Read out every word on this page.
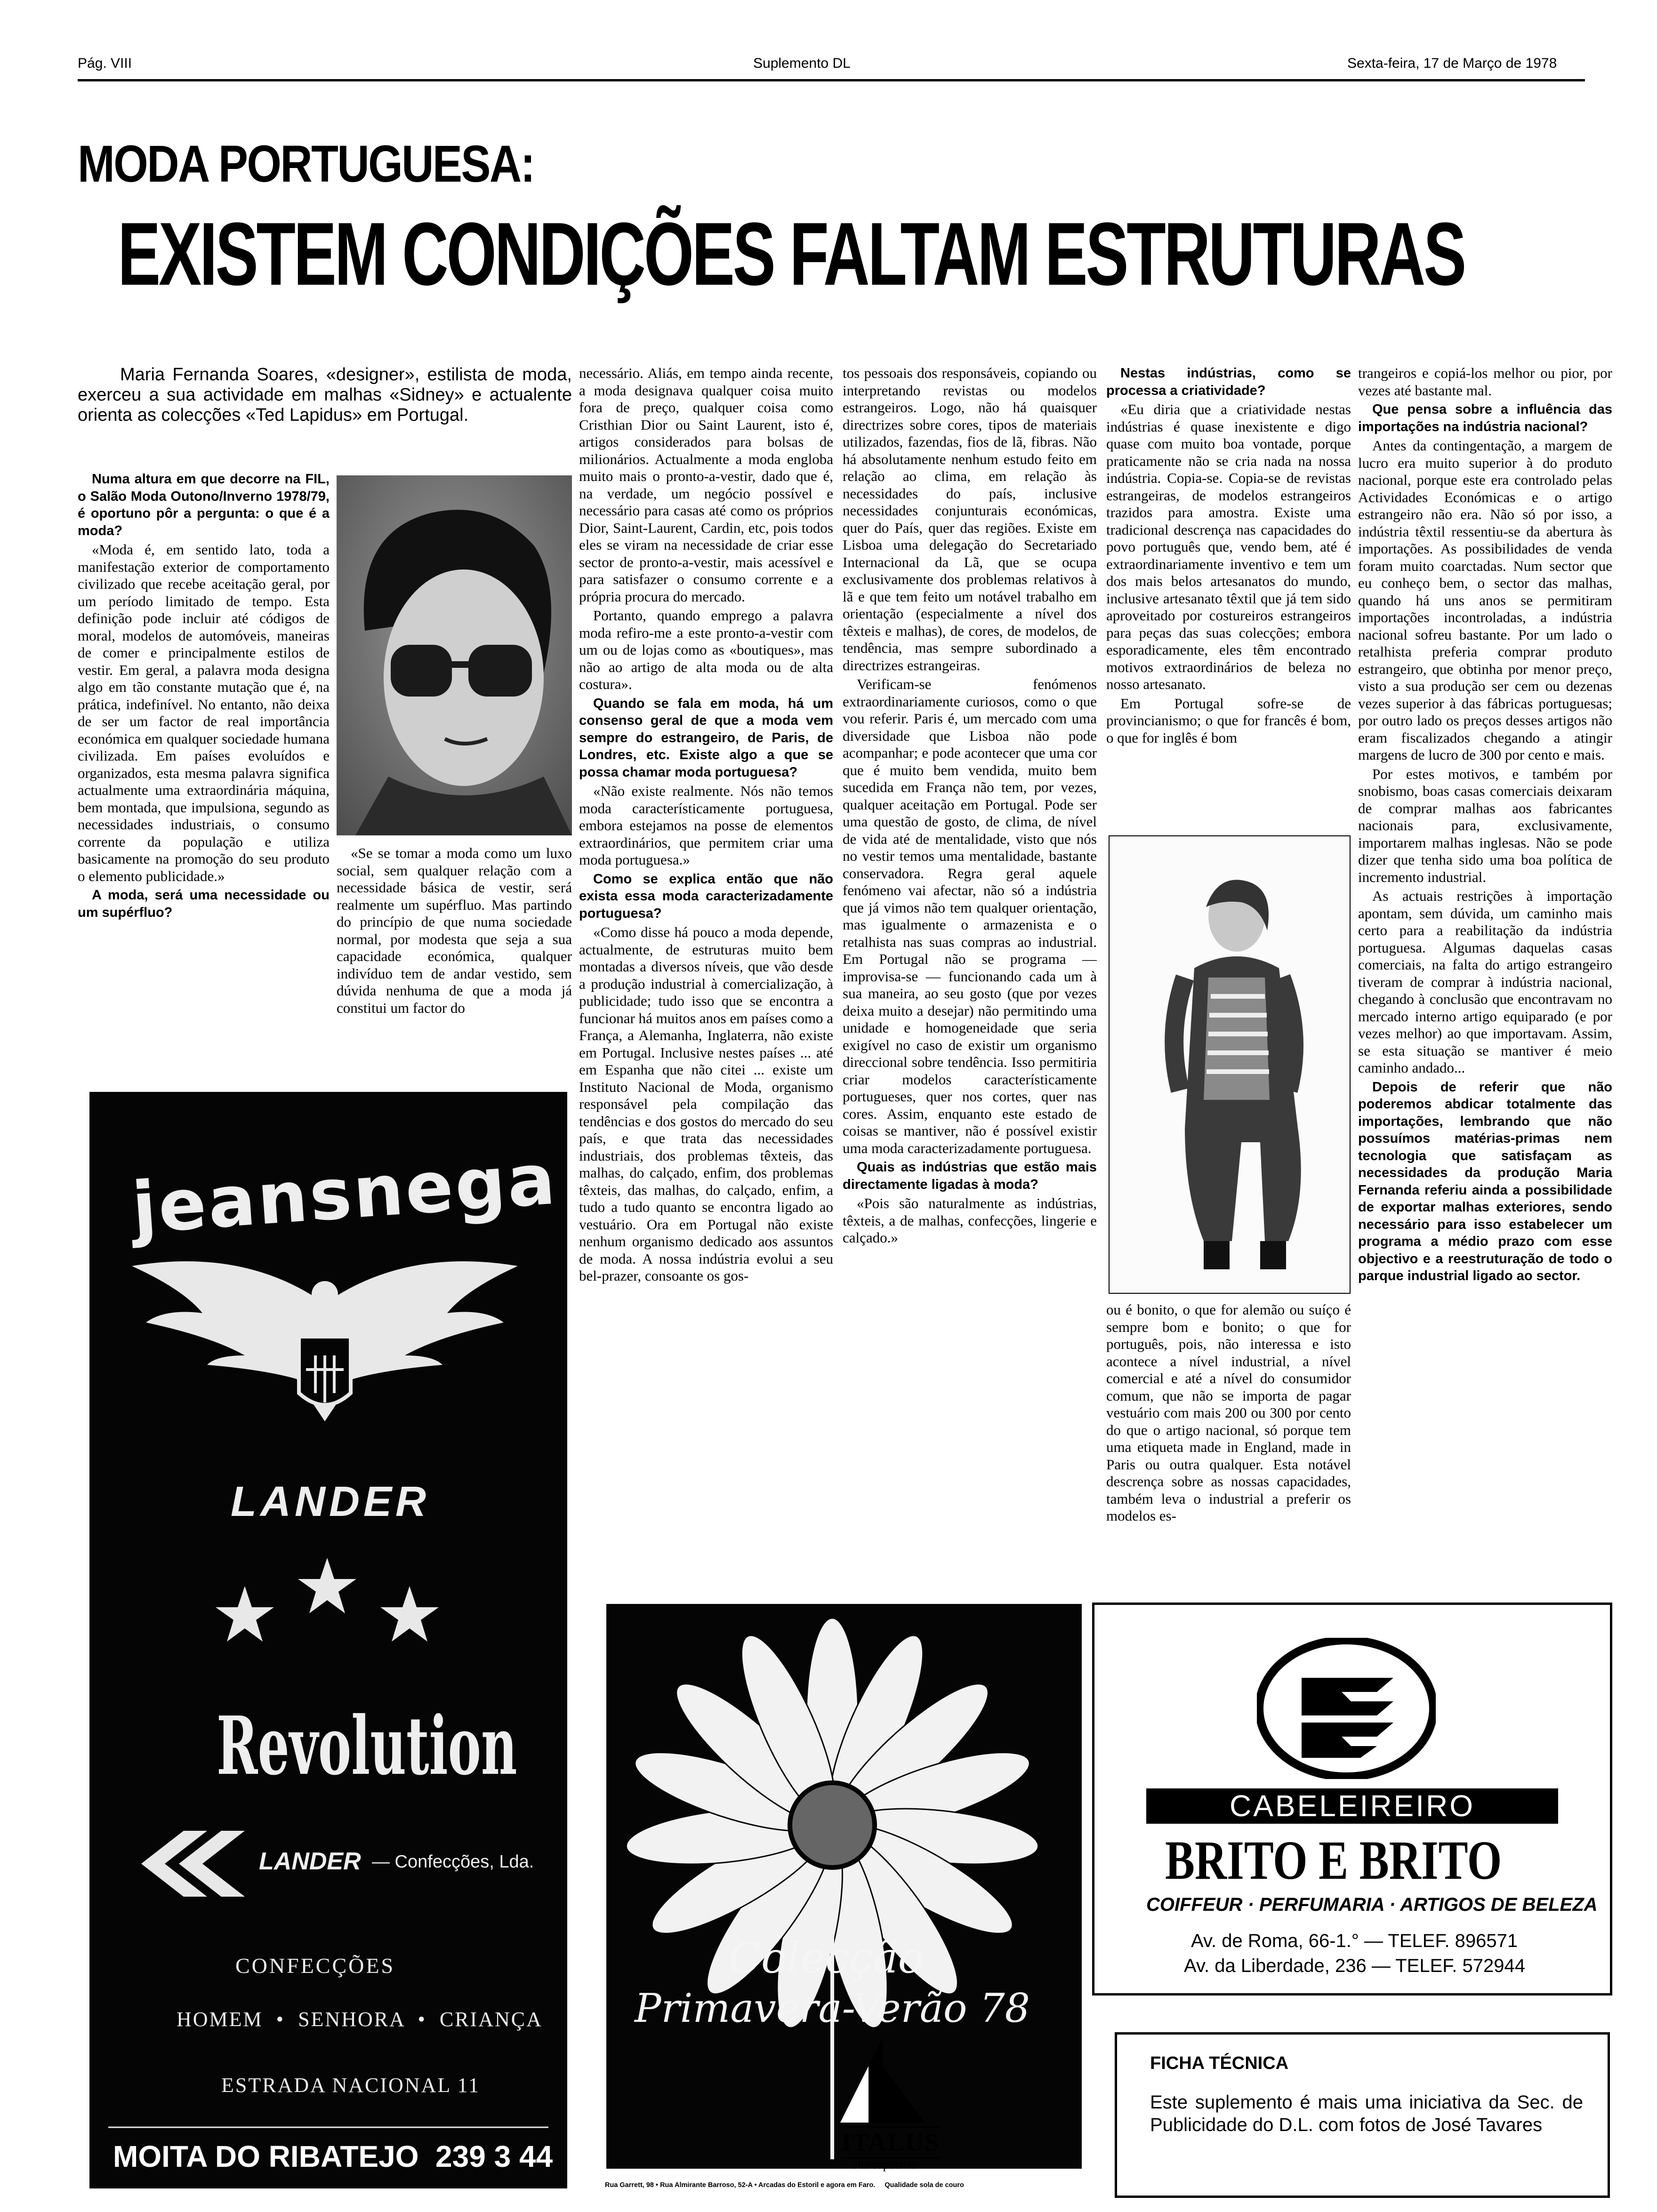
Pág. VIII	Suplemento DL	Sexta-feira, 17 de Março de 1978
MODA PORTUGUESA:
EXISTEM CONDIÇÕES FALTAM ESTRUTURAS
Maria Fernanda Soares, «designer», estilista de moda, exerceu a sua actividade em malhas «Sidney» e actualente orienta as colecções «Ted Lapidus» em Portugal.

Numa altura em que decorre na FIL, o Salão Moda Outono/Inverno 1978/79, é oportuno pôr a pergunta: o que é a moda?

«Moda é, em sentido lato, toda a manifestação exterior de comportamento civilizado que recebe aceitação geral, por um período limitado de tempo. Esta definição pode incluir até códigos de moral, modelos de automóveis, maneiras de comer e principalmente estilos de vestir. Em geral, a palavra moda designa algo em tão constante mutação que é, na prática, indefinível. No entanto, não deixa de ser um factor de real importância económica em qualquer sociedade humana civilizada. Em países evoluídos e organizados, esta mesma palavra significa actualmente uma extraordinária máquina, bem montada, que impulsiona, segundo as necessidades industriais, o consumo corrente da população e utiliza basicamente na promoção do seu produto o elemento publicidade.»

A moda, será uma necessidade ou um supérfluo?

«Se se tomar a moda como um luxo social, sem qualquer relação com a necessidade básica de vestir, será realmente um supérfluo. Mas partindo do princípio de que numa sociedade normal, por modesta que seja a sua capacidade económica, qualquer indivíduo tem de andar vestido, sem dúvida nenhuma de que a moda já constitui um factor do

necessário. Aliás, em tempo ainda recente, a moda designava qualquer coisa muito fora de preço, qualquer coisa como Cristhian Dior ou Saint Laurent, isto é, artigos considerados para bolsas de milionários. Actualmente a moda engloba muito mais o pronto-a-vestir, dado que é, na verdade, um negócio possível e necessário para casas até como os próprios Dior, Saint-Laurent, Cardin, etc, pois todos eles se viram na necessidade de criar esse sector de pronto-a-vestir, mais acessível e para satisfazer o consumo corrente e a própria procura do mercado.

Portanto, quando emprego a palavra moda refiro-me a este pronto-a-vestir com um ou de lojas como as «boutiques», mas não ao artigo de alta moda ou de alta costura».

Quando se fala em moda, há um consenso geral de que a moda vem sempre do estrangeiro, de Paris, de Londres, etc. Existe algo a que se possa chamar moda portuguesa?

«Não existe realmente. Nós não temos moda característicamente portuguesa, embora estejamos na posse de elementos extraordinários, que permitem criar uma moda portuguesa.»

Como se explica então que não exista essa moda caracterizadamente portuguesa?

«Como disse há pouco a moda depende, actualmente, de estruturas muito bem montadas a diversos níveis, que vão desde a produção industrial à comercialização, à publicidade; tudo isso que se encontra a funcionar há muitos anos em países como a França, a Alemanha, Inglaterra, não existe em Portugal. Inclusive nestes países ... até em Espanha que não citei ... existe um Instituto Nacional de Moda, organismo responsável pela compilação das tendências e dos gostos do mercado do seu país, e que trata das necessidades industriais, dos problemas têxteis, das malhas, do calçado, enfim, dos problemas têxteis, das malhas, do calçado, enfim, a tudo a tudo quanto se encontra ligado ao vestuário. Ora em Portugal não existe nenhum organismo dedicado aos assuntos de moda. A nossa indústria evolui a seu bel-prazer, consoante os gos-

tos pessoais dos responsáveis, copiando ou interpretando revistas ou modelos estrangeiros. Logo, não há quaisquer directrizes sobre cores, tipos de materiais utilizados, fazendas, fios de lã, fibras. Não há absolutamente nenhum estudo feito em relação ao clima, em relação às necessidades do país, inclusive necessidades conjunturais económicas, quer do País, quer das regiões. Existe em Lisboa uma delegação do Secretariado Internacional da Lã, que se ocupa exclusivamente dos problemas relativos à lã e que tem feito um notável trabalho em orientação (especialmente a nível dos têxteis e malhas), de cores, de modelos, de tendência, mas sempre subordinado a directrizes estrangeiras.

Verificam-se fenómenos extraordinariamente curiosos, como o que vou referir. Paris é, um mercado com uma diversidade que Lisboa não pode acompanhar; e pode acontecer que uma cor que é muito bem vendida, muito bem sucedida em França não tem, por vezes, qualquer aceitação em Portugal. Pode ser uma questão de gosto, de clima, de nível de vida até de mentalidade, visto que nós no vestir temos uma mentalidade, bastante conservadora. Regra geral aquele fenómeno vai afectar, não só a indústria que já vimos não tem qualquer orientação, mas igualmente o armazenista e o retalhista nas suas compras ao industrial. Em Portugal não se programa — improvisa-se — funcionando cada um à sua maneira, ao seu gosto (que por vezes deixa muito a desejar) não permitindo uma unidade e homogeneidade que seria exigível no caso de existir um organismo direccional sobre tendência. Isso permitiria criar modelos característicamente portugueses, quer nos cortes, quer nas cores. Assim, enquanto este estado de coisas se mantiver, não é possível existir uma moda caracterizadamente portuguesa.

Quais as indústrias que estão mais directamente ligadas à moda?

«Pois são naturalmente as indústrias, têxteis, a de malhas, confecções, lingerie e calçado.»

Nestas indústrias, como se processa a criatividade?

«Eu diria que a criatividade nestas indústrias é quase inexistente e digo quase com muito boa vontade, porque praticamente não se cria nada na nossa indústria. Copia-se. Copia-se de revistas estrangeiras, de modelos estrangeiros trazidos para amostra. Existe uma tradicional descrença nas capacidades do povo português que, vendo bem, até é extraordinariamente inventivo e tem um dos mais belos artesanatos do mundo, inclusive artesanato têxtil que já tem sido aproveitado por costureiros estrangeiros para peças das suas colecções; embora esporadicamente, eles têm encontrado motivos extraordinários de beleza no nosso artesanato.

Em Portugal sofre-se de provincianismo; o que for francês é bom, o que for inglês é bom

ou é bonito, o que for alemão ou suíço é sempre bom e bonito; o que for português, pois, não interessa e isto acontece a nível industrial, a nível comercial e até a nível do consumidor comum, que não se importa de pagar vestuário com mais 200 ou 300 por cento do que o artigo nacional, só porque tem uma etiqueta made in England, made in Paris ou outra qualquer. Esta notável descrença sobre as nossas capacidades, também leva o industrial a preferir os modelos es-

trangeiros e copiá-los melhor ou pior, por vezes até bastante mal.

Que pensa sobre a influência das importações na indústria nacional?

Antes da contingentação, a margem de lucro era muito superior à do produto nacional, porque este era controlado pelas Actividades Económicas e o artigo estrangeiro não era. Não só por isso, a indústria têxtil ressentiu-se da abertura às importações. As possibilidades de venda foram muito coarctadas. Num sector que eu conheço bem, o sector das malhas, quando há uns anos se permitiram importações incontroladas, a indústria nacional sofreu bastante. Por um lado o retalhista preferia comprar produto estrangeiro, que obtinha por menor preço, visto a sua produção ser cem ou dezenas vezes superior à das fábricas portuguesas; por outro lado os preços desses artigos não eram fiscalizados chegando a atingir margens de lucro de 300 por cento e mais.

Por estes motivos, e também por snobismo, boas casas comerciais deixaram de comprar malhas aos fabricantes nacionais para, exclusivamente, importarem malhas inglesas. Não se pode dizer que tenha sido uma boa política de incremento industrial.

As actuais restrições à importação apontam, sem dúvida, um caminho mais certo para a reabilitação da indústria portuguesa. Algumas daquelas casas comerciais, na falta do artigo estrangeiro tiveram de comprar à indústria nacional, chegando à conclusão que encontravam no mercado interno artigo equiparado (e por vezes melhor) ao que importavam. Assim, se esta situação se mantiver é meio caminho andado...

Depois de referir que não poderemos abdicar totalmente das importações, lembrando que não possuímos matérias-primas nem tecnologia que satisfaçam as necessidades da produção Maria Fernanda referiu ainda a possibilidade de exportar malhas exteriores, sendo necessário para isso estabelecer um programa a médio prazo com esse objectivo e a reestruturação de todo o parque industrial ligado ao sector.

jeansnega
LANDER
Revolution
LANDER — Confecções, Lda.
CONFECÇÕES
HOMEM  •  SENHORA  •  CRIANÇA
ESTRADA NACIONAL 11
MOITA DO RIBATEJO  239 3 44
Colecção
Primavera-Verão 78
ITALUS
alta sapataria
Rua Garrett, 98 • Rua Almirante Barroso, 52-A • Arcadas do Estoril e agora em Faro.     Qualidade sola de couro
CABELEIREIRO
BRITO E BRITO
COIFFEUR · PERFUMARIA · ARTIGOS DE BELEZA
Av. de Roma, 66-1.° — TELEF. 896571
Av. da Liberdade, 236 — TELEF. 572944
FICHA TÉCNICA
Este suplemento é mais uma iniciativa da Sec. de Publicidade do D.L. com fotos de José Tavares
